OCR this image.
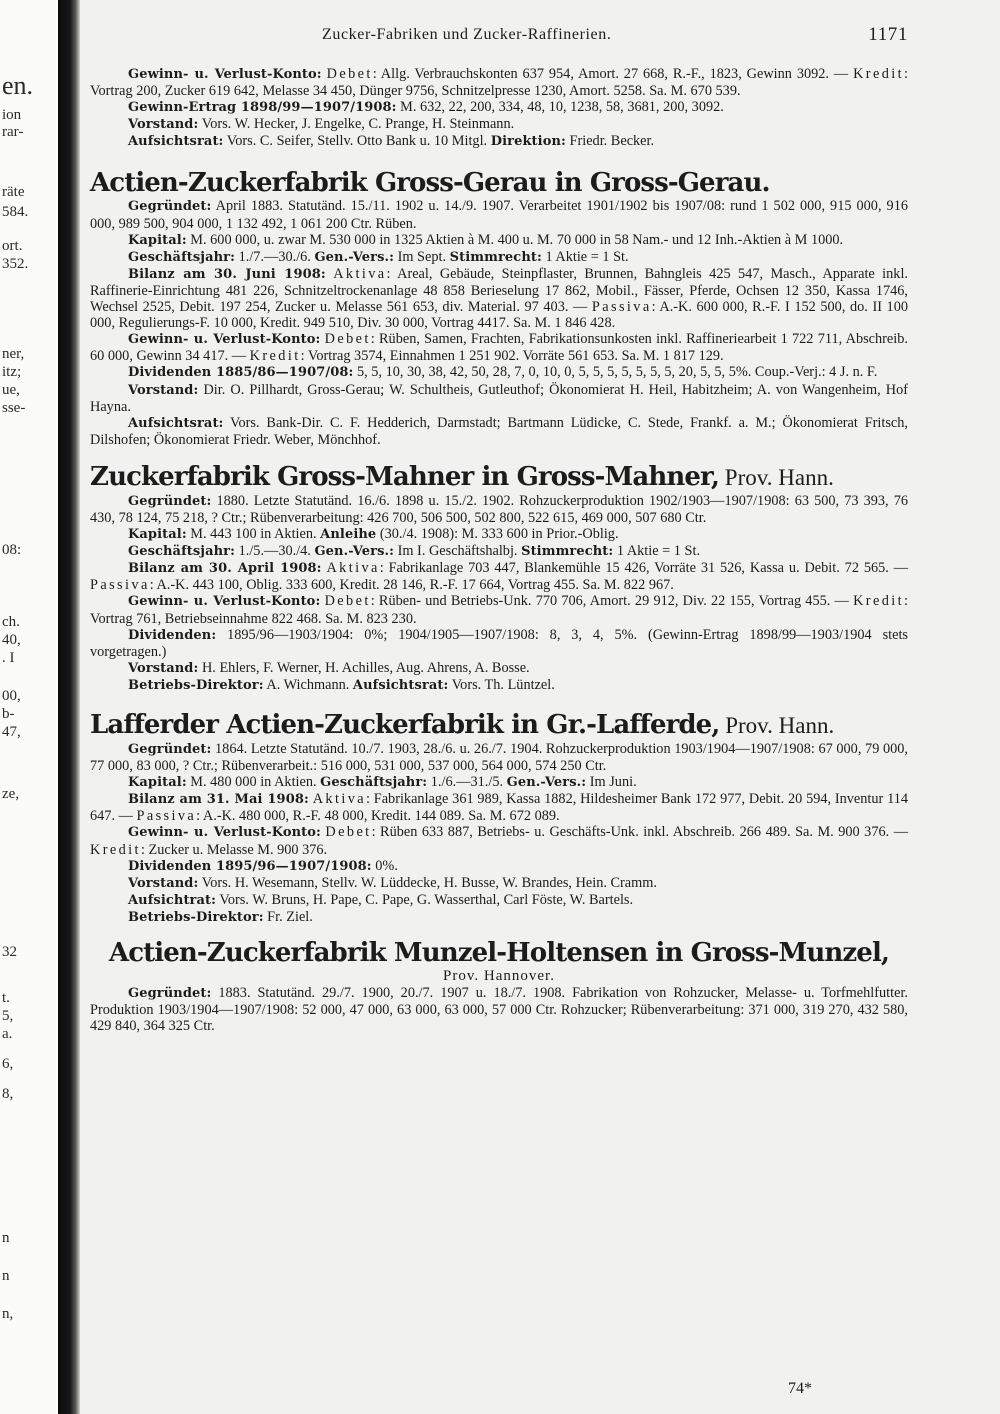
en.
ion
rar-
räte
584.
ort.
352.
ner,
itz;
ue,
sse-
08:
ch.
40,
. I
00,
b-
47,
ze,
32
t.
5,
a.
6,
8,
n
n
n,
Zucker-Fabriken und Zucker-Raffinerien.	1171

Gewinn- u. Verlust-Konto: Debet: Allg. Verbrauchskonten 637 954, Amort. 27 668, R.-F., 1823, Gewinn 3092. — Kredit: Vortrag 200, Zucker 619 642, Melasse 34 450, Dünger 9756, Schnitzelpresse 1230, Amort. 5258. Sa. M. 670 539.

Gewinn-Ertrag 1898/99—1907/1908: M. 632, 22, 200, 334, 48, 10, 1238, 58, 3681, 200, 3092.

Vorstand: Vors. W. Hecker, J. Engelke, C. Prange, H. Steinmann.

Aufsichtsrat: Vors. C. Seifer, Stellv. Otto Bank u. 10 Mitgl. Direktion: Friedr. Becker.

Actien-Zuckerfabrik Gross-Gerau in Gross-Gerau.

Gegründet: April 1883. Statutänd. 15./11. 1902 u. 14./9. 1907. Verarbeitet 1901/1902 bis 1907/08: rund 1 502 000, 915 000, 916 000, 989 500, 904 000, 1 132 492, 1 061 200 Ctr. Rüben.

Kapital: M. 600 000, u. zwar M. 530 000 in 1325 Aktien à M. 400 u. M. 70 000 in 58 Nam.- und 12 Inh.-Aktien à M 1000.

Geschäftsjahr: 1./7.—30./6. Gen.-Vers.: Im Sept. Stimmrecht: 1 Aktie = 1 St.

Bilanz am 30. Juni 1908: Aktiva: Areal, Gebäude, Steinpflaster, Brunnen, Bahngleis 425 547, Masch., Apparate inkl. Raffinerie-Einrichtung 481 226, Schnitzeltrockenanlage 48 858 Berieselung 17 862, Mobil., Fässer, Pferde, Ochsen 12 350, Kassa 1746, Wechsel 2525, Debit. 197 254, Zucker u. Melasse 561 653, div. Material. 97 403. — Passiva: A.-K. 600 000, R.-F. I 152 500, do. II 100 000, Regulierungs-F. 10 000, Kredit. 949 510, Div. 30 000, Vortrag 4417. Sa. M. 1 846 428.

Gewinn- u. Verlust-Konto: Debet: Rüben, Samen, Frachten, Fabrikationsunkosten inkl. Raffineriearbeit 1 722 711, Abschreib. 60 000, Gewinn 34 417. — Kredit: Vortrag 3574, Einnahmen 1 251 902. Vorräte 561 653. Sa. M. 1 817 129.

Dividenden 1885/86—1907/08: 5, 5, 10, 30, 38, 42, 50, 28, 7, 0, 10, 0, 5, 5, 5, 5, 5, 5, 5, 20, 5, 5, 5%. Coup.-Verj.: 4 J. n. F.

Vorstand: Dir. O. Pillhardt, Gross-Gerau; W. Schultheis, Gutleuthof; Ökonomierat H. Heil, Habitzheim; A. von Wangenheim, Hof Hayna.

Aufsichtsrat: Vors. Bank-Dir. C. F. Hedderich, Darmstadt; Bartmann Lüdicke, C. Stede, Frankf. a. M.; Ökonomierat Fritsch, Dilshofen; Ökonomierat Friedr. Weber, Mönchhof.

Zuckerfabrik Gross-Mahner in Gross-Mahner, Prov. Hann.

Gegründet: 1880. Letzte Statutänd. 16./6. 1898 u. 15./2. 1902. Rohzuckerproduktion 1902/1903—1907/1908: 63 500, 73 393, 76 430, 78 124, 75 218, ? Ctr.; Rübenverarbeitung: 426 700, 506 500, 502 800, 522 615, 469 000, 507 680 Ctr.

Kapital: M. 443 100 in Aktien. Anleihe (30./4. 1908): M. 333 600 in Prior.-Oblig.

Geschäftsjahr: 1./5.—30./4. Gen.-Vers.: Im I. Geschäftshalbj. Stimmrecht: 1 Aktie = 1 St.

Bilanz am 30. April 1908: Aktiva: Fabrikanlage 703 447, Blankemühle 15 426, Vorräte 31 526, Kassa u. Debit. 72 565. — Passiva: A.-K. 443 100, Oblig. 333 600, Kredit. 28 146, R.-F. 17 664, Vortrag 455. Sa. M. 822 967.

Gewinn- u. Verlust-Konto: Debet: Rüben- und Betriebs-Unk. 770 706, Amort. 29 912, Div. 22 155, Vortrag 455. — Kredit: Vortrag 761, Betriebseinnahme 822 468. Sa. M. 823 230.

Dividenden: 1895/96—1903/1904: 0%; 1904/1905—1907/1908: 8, 3, 4, 5%. (Gewinn-Ertrag 1898/99—1903/1904 stets vorgetragen.)

Vorstand: H. Ehlers, F. Werner, H. Achilles, Aug. Ahrens, A. Bosse.

Betriebs-Direktor: A. Wichmann. Aufsichtsrat: Vors. Th. Lüntzel.

Lafferder Actien-Zuckerfabrik in Gr.-Lafferde, Prov. Hann.

Gegründet: 1864. Letzte Statutänd. 10./7. 1903, 28./6. u. 26./7. 1904. Rohzuckerproduktion 1903/1904—1907/1908: 67 000, 79 000, 77 000, 83 000, ? Ctr.; Rübenverarbeit.: 516 000, 531 000, 537 000, 564 000, 574 250 Ctr.

Kapital: M. 480 000 in Aktien. Geschäftsjahr: 1./6.—31./5. Gen.-Vers.: Im Juni.

Bilanz am 31. Mai 1908: Aktiva: Fabrikanlage 361 989, Kassa 1882, Hildesheimer Bank 172 977, Debit. 20 594, Inventur 114 647. — Passiva: A.-K. 480 000, R.-F. 48 000, Kredit. 144 089. Sa. M. 672 089.

Gewinn- u. Verlust-Konto: Debet: Rüben 633 887, Betriebs- u. Geschäfts-Unk. inkl. Abschreib. 266 489. Sa. M. 900 376. — Kredit: Zucker u. Melasse M. 900 376.

Dividenden 1895/96—1907/1908: 0%.

Vorstand: Vors. H. Wesemann, Stellv. W. Lüddecke, H. Busse, W. Brandes, Hein. Cramm.

Aufsichtrat: Vors. W. Bruns, H. Pape, C. Pape, G. Wasserthal, Carl Föste, W. Bartels.

Betriebs-Direktor: Fr. Ziel.

Actien-Zuckerfabrik Munzel-Holtensen in Gross-Munzel,
Prov. Hannover.

Gegründet: 1883. Statutänd. 29./7. 1900, 20./7. 1907 u. 18./7. 1908. Fabrikation von Rohzucker, Melasse- u. Torfmehlfutter. Produktion 1903/1904—1907/1908: 52 000, 47 000, 63 000, 63 000, 57 000 Ctr. Rohzucker; Rübenverarbeitung: 371 000, 319 270, 432 580, 429 840, 364 325 Ctr.

74*
